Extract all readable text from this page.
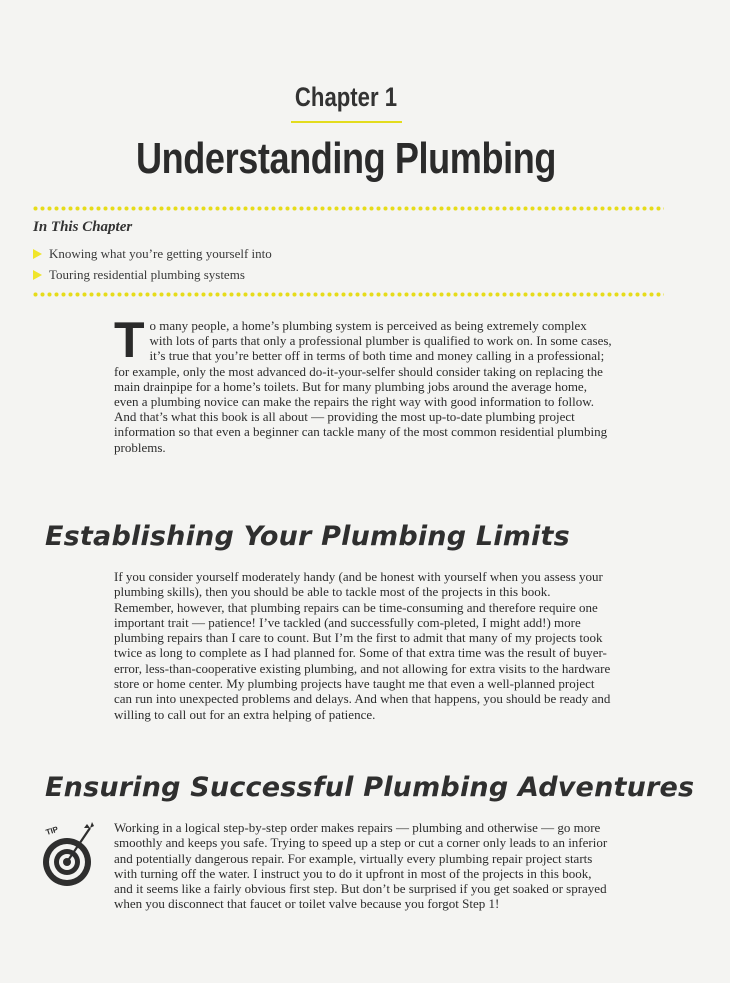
Chapter 1
Understanding Plumbing
In This Chapter
Knowing what you’re getting yourself into
Touring residential plumbing systems
To many people, a home’s plumbing system is perceived as being extremely complex with lots of parts that only a professional plumber is qualified to work on. In some cases, it’s true that you’re better off in terms of both time and money calling in a professional; for example, only the most advanced do-it-your-selfer should consider taking on replacing the main drainpipe for a home’s toilets. But for many plumbing jobs around the average home, even a plumbing novice can make the repairs the right way with good information to follow. And that’s what this book is all about — providing the most up-to-date plumbing project information so that even a beginner can tackle many of the most common residential plumbing problems.
Establishing Your Plumbing Limits
If you consider yourself moderately handy (and be honest with yourself when you assess your plumbing skills), then you should be able to tackle most of the projects in this book. Remember, however, that plumbing repairs can be time-consuming and therefore require one important trait — patience! I’ve tackled (and successfully com-pleted, I might add!) more plumbing repairs than I care to count. But I’m the first to admit that many of my projects took twice as long to complete as I had planned for. Some of that extra time was the result of buyer-error, less-than-cooperative existing plumbing, and not allowing for extra visits to the hardware store or home center. My plumbing projects have taught me that even a well-planned project can run into unexpected problems and delays. And when that happens, you should be ready and willing to call out for an extra helping of patience.
Ensuring Successful Plumbing Adventures
TIP	Working in a logical step-by-step order makes repairs — plumbing and otherwise — go more smoothly and keeps you safe. Trying to speed up a step or cut a corner only leads to an inferior and potentially dangerous repair. For example, virtually every plumbing repair project starts with turning off the water. I instruct you to do it upfront in most of the projects in this book, and it seems like a fairly obvious first step. But don’t be surprised if you get soaked or sprayed when you disconnect that faucet or toilet valve because you forgot Step 1!
